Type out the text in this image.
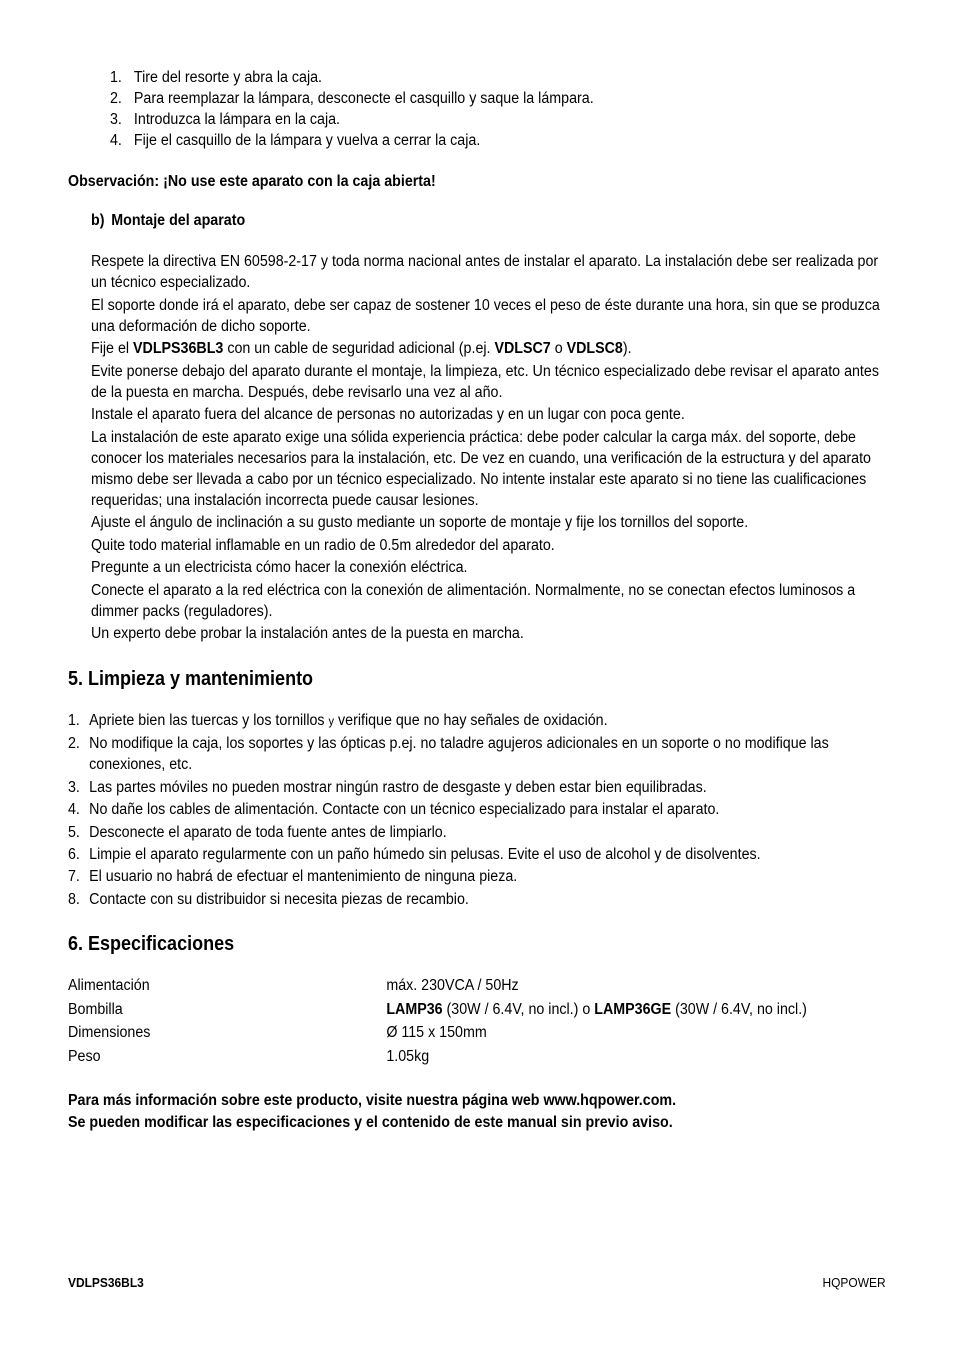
1. Tire del resorte y abra la caja.
2. Para reemplazar la lámpara, desconecte el casquillo y saque la lámpara.
3. Introduzca la lámpara en la caja.
4. Fije el casquillo de la lámpara y vuelva a cerrar la caja.
Observación: ¡No use este aparato con la caja abierta!
b) Montaje del aparato

Respete la directiva EN 60598-2-17 y toda norma nacional antes de instalar el aparato. La instalación debe ser realizada por un técnico especializado.

El soporte donde irá el aparato, debe ser capaz de sostener 10 veces el peso de éste durante una hora, sin que se produzca una deformación de dicho soporte.

Fije el VDLPS36BL3 con un cable de seguridad adicional (p.ej. VDLSC7 o VDLSC8).

Evite ponerse debajo del aparato durante el montaje, la limpieza, etc. Un técnico especializado debe revisar el aparato antes de la puesta en marcha. Después, debe revisarlo una vez al año.

Instale el aparato fuera del alcance de personas no autorizadas y en un lugar con poca gente.

La instalación de este aparato exige una sólida experiencia práctica: debe poder calcular la carga máx. del soporte, debe conocer los materiales necesarios para la instalación, etc. De vez en cuando, una verificación de la estructura y del aparato mismo debe ser llevada a cabo por un técnico especializado. No intente instalar este aparato si no tiene las cualificaciones requeridas; una instalación incorrecta puede causar lesiones.

Ajuste el ángulo de inclinación a su gusto mediante un soporte de montaje y fije los tornillos del soporte.

Quite todo material inflamable en un radio de 0.5m alrededor del aparato.

Pregunte a un electricista cómo hacer la conexión eléctrica.

Conecte el aparato a la red eléctrica con la conexión de alimentación. Normalmente, no se conectan efectos luminosos a dimmer packs (reguladores).

Un experto debe probar la instalación antes de la puesta en marcha.

5. Limpieza y mantenimiento
1. Apriete bien las tuercas y los tornillos y verifique que no hay señales de oxidación.
2. No modifique la caja, los soportes y las ópticas p.ej. no taladre agujeros adicionales en un soporte o no modifique las conexiones, etc.
3. Las partes móviles no pueden mostrar ningún rastro de desgaste y deben estar bien equilibradas.
4. No dañe los cables de alimentación. Contacte con un técnico especializado para instalar el aparato.
5. Desconecte el aparato de toda fuente antes de limpiarlo.
6. Limpie el aparato regularmente con un paño húmedo sin pelusas. Evite el uso de alcohol y de disolventes.
7. El usuario no habrá de efectuar el mantenimiento de ninguna pieza.
8. Contacte con su distribuidor si necesita piezas de recambio.
6. Especificaciones
Alimentación	máx. 230VCA / 50Hz
Bombilla	LAMP36 (30W / 6.4V, no incl.) o LAMP36GE (30W / 6.4V, no incl.)
Dimensiones	Ø 115 x 150mm
Peso	1.05kg
Para más información sobre este producto, visite nuestra página web www.hqpower.com.
Se pueden modificar las especificaciones y el contenido de este manual sin previo aviso.
VDLPS36BL3	HQPOWER
